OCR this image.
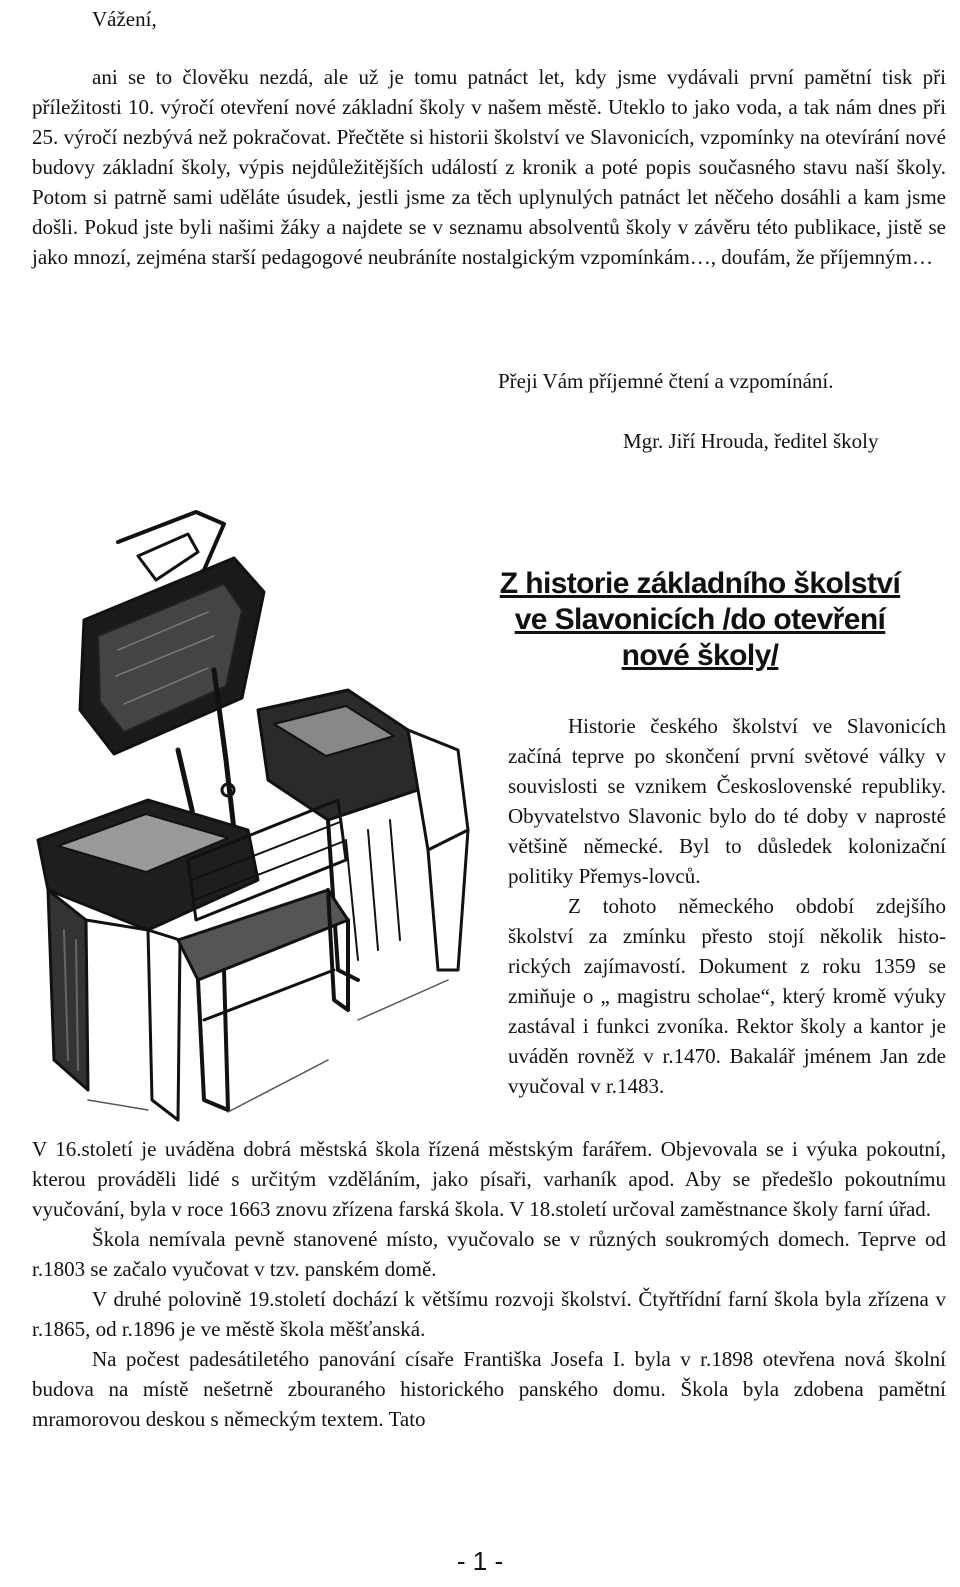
Vážení,

ani se to člověku nezdá, ale už je tomu patnáct let, kdy jsme vydávali první pamětní tisk při příležitosti 10. výročí otevření nové základní školy v našem městě. Uteklo to jako voda, a tak nám dnes při 25. výročí nezbývá než pokračovat. Přečtěte si historii školství ve Slavonicích, vzpomínky na otevírání nové budovy základní školy, výpis nejdůležitějších událostí z kronik a poté popis současného stavu naší školy. Potom si patrně sami uděláte úsudek, jestli jsme za těch uplynulých patnáct let něčeho dosáhli a kam jsme došli. Pokud jste byli našimi žáky a najdete se v seznamu absolventů školy v závěru této publikace, jistě se jako mnozí, zejména starší pedagogové neubráníte nostalgickým vzpomínkám…, doufám, že příjemným…

Přeji Vám příjemné čtení a vzpomínání.
Mgr. Jiří Hrouda, ředitel školy
Z historie základního školství ve Slavonicích /do otevření nové školy/

Historie českého školství ve Slavonicích začíná teprve po skončení první světové války v souvislosti se vznikem Československé republiky. Obyvatelstvo Slavonic bylo do té doby v naprosté většině německé. Byl to důsledek kolonizační politiky Přemys-lovců.

Z tohoto německého období zdejšího školství za zmínku přesto stojí několik histo-rických zajímavostí. Dokument z roku 1359 se zmiňuje o „ magistru scholae“, který kromě výuky zastával i funkci zvoníka. Rektor školy a kantor je uváděn rovněž v r.1470. Bakalář jménem Jan zde vyučoval v r.1483.

V 16.století je uváděna dobrá městská škola řízená městským farářem. Objevovala se i výuka pokoutní, kterou prováděli lidé s určitým vzděláním, jako písaři, varhaník apod. Aby se předešlo pokoutnímu vyučování, byla v roce 1663 znovu zřízena farská škola. V 18.století určoval zaměstnance školy farní úřad.

Škola nemívala pevně stanovené místo, vyučovalo se v různých soukromých domech. Teprve od r.1803 se začalo vyučovat v tzv. panském domě.

V druhé polovině 19.století dochází k většímu rozvoji školství. Čtyřtřídní farní škola byla zřízena v r.1865, od r.1896 je ve městě škola měšťanská.

Na počest padesátiletého panování císaře Františka Josefa I. byla v r.1898 otevřena nová školní budova na místě nešetrně zbouraného historického panského domu. Škola byla zdobena pamětní mramorovou deskou s německým textem. Tato

- 1 -
